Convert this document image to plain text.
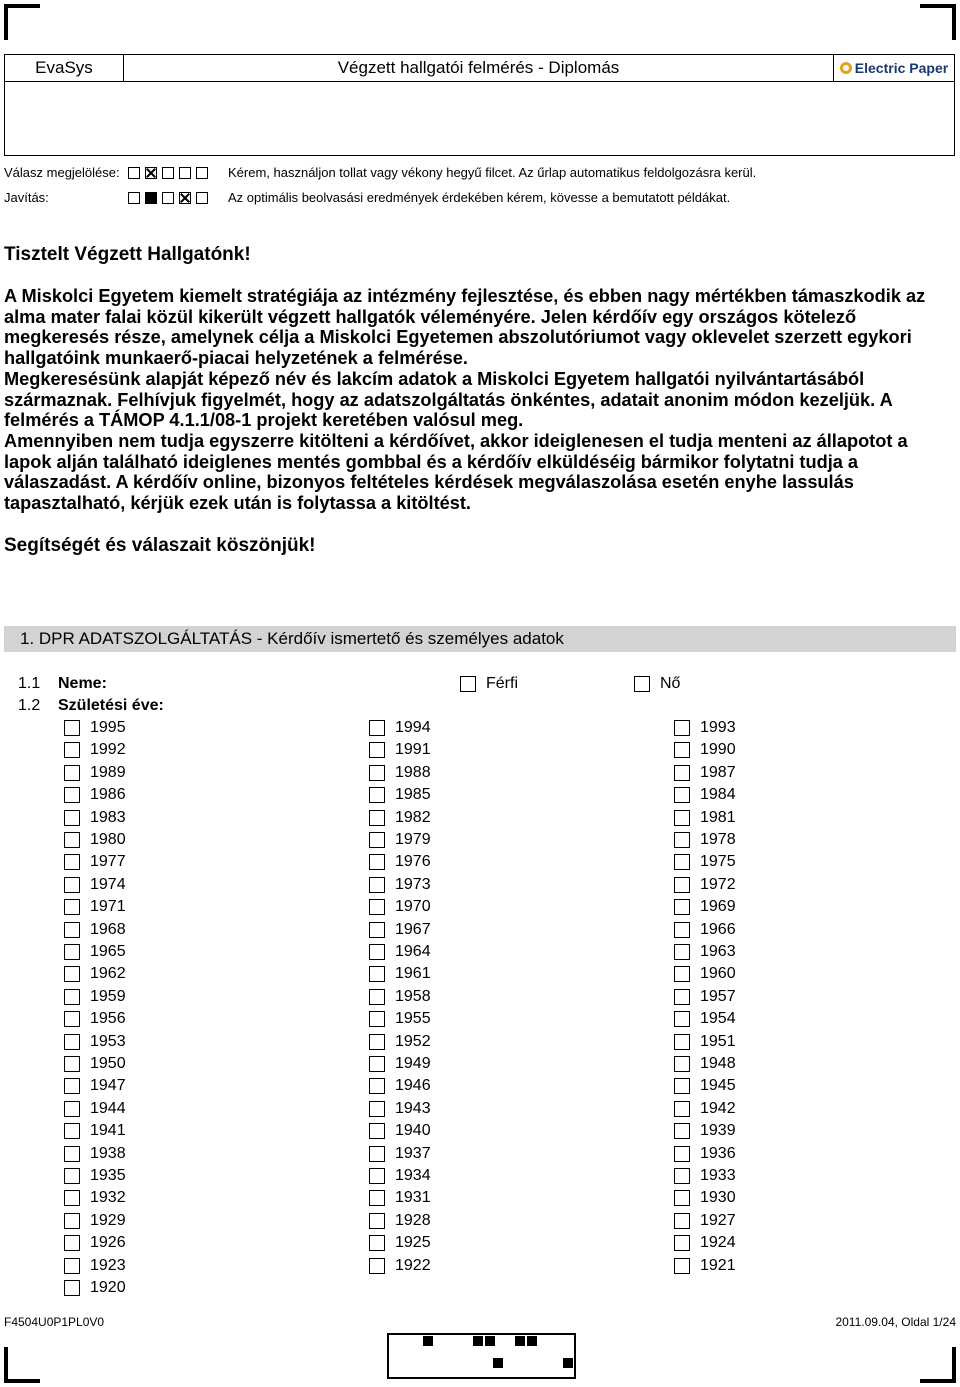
EvaSys	Végzett hallgatói felmérés - Diplomás	Electric Paper
Válasz megjelölése:	Kérem, használjon tollat vagy vékony hegyű filcet. Az űrlap automatikus feldolgozásra kerül.
Javítás:	Az optimális beolvasási eredmények érdekében kérem, kövesse a bemutatott példákat.
Tisztelt Végzett Hallgatónk!

A Miskolci Egyetem kiemelt stratégiája az intézmény fejlesztése, és ebben nagy mértékben támaszkodik az alma mater falai közül kikerült végzett hallgatók véleményére. Jelen kérdőív egy országos kötelező megkeresés része, amelynek célja a Miskolci Egyetemen abszolutóriumot vagy oklevelet szerzett egykori hallgatóink munkaerő-piacai helyzetének a felmérése.

Megkeresésünk alapját képező név és lakcím adatok a Miskolci Egyetem hallgatói nyilvántartásából származnak. Felhívjuk figyelmét, hogy az adatszolgáltatás önkéntes, adatait anonim módon kezeljük. A felmérés a TÁMOP 4.1.1/08-1 projekt keretében valósul meg.

Amennyiben nem tudja egyszerre kitölteni a kérdőívet, akkor ideiglenesen el tudja menteni az állapotot a lapok alján található ideiglenes mentés gombbal és a kérdőív elküldéséig bármikor folytatni tudja a válaszadást. A kérdőív online, bizonyos feltételes kérdések megválaszolása esetén enyhe lassulás tapasztalható, kérjük ezek után is folytassa a kitöltést.

Segítségét és válaszait köszönjük!
1. DPR ADATSZOLGÁLTATÁS - Kérdőív ismertető és személyes adatok
1.1	Neme:	Férfi	Nő
1.2	Születési éve:
1995	1994	1993
1992	1991	1990
1989	1988	1987
1986	1985	1984
1983	1982	1981
1980	1979	1978
1977	1976	1975
1974	1973	1972
1971	1970	1969
1968	1967	1966
1965	1964	1963
1962	1961	1960
1959	1958	1957
1956	1955	1954
1953	1952	1951
1950	1949	1948
1947	1946	1945
1944	1943	1942
1941	1940	1939
1938	1937	1936
1935	1934	1933
1932	1931	1930
1929	1928	1927
1926	1925	1924
1923	1922	1921
1920
F4504U0P1PL0V0	2011.09.04, Oldal 1/24
